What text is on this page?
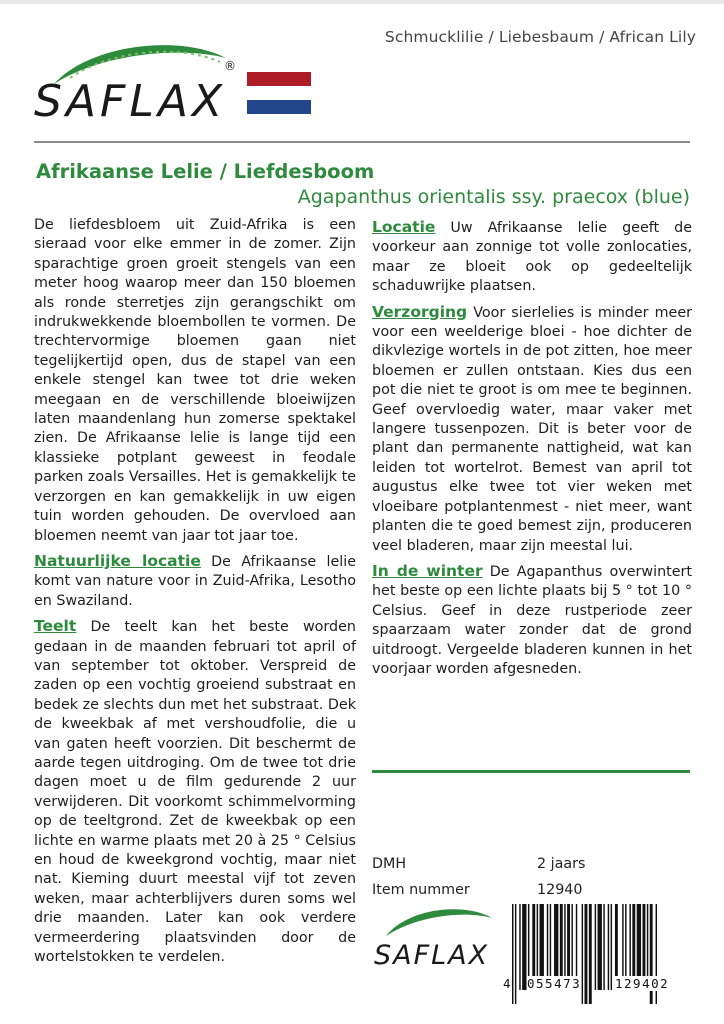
Schmucklilie / Liebesbaum / African Lily
SAFLAX
®
Afrikaanse Lelie / Liefdesboom
Agapanthus orientalis ssy. praecox (blue)

De liefdesbloem uit Zuid-Afrika is een sieraad voor elke emmer in de zomer. Zijn sparachtige groen groeit stengels van een meter hoog waarop meer dan 150 bloemen als ronde sterretjes zijn gerangschikt om indrukwekkende bloembollen te vormen. De trechtervormige bloemen gaan niet tegelijkertijd open, dus de stapel van een enkele stengel kan twee tot drie weken meegaan en de verschillende bloeiwijzen laten maandenlang hun zomerse spektakel zien. De Afrikaanse lelie is lange tijd een klassieke potplant geweest in feodale parken zoals Versailles. Het is gemakkelijk te verzorgen en kan gemakkelijk in uw eigen tuin worden gehouden. De overvloed aan bloemen neemt van jaar tot jaar toe.

Natuurlijke locatie De Afrikaanse lelie komt van nature voor in Zuid-Afrika, Lesotho en Swaziland.

Teelt De teelt kan het beste worden gedaan in de maanden februari tot april of van september tot oktober. Verspreid de zaden op een vochtig groeiend substraat en bedek ze slechts dun met het substraat. Dek de kweekbak af met vershoudfolie, die u van gaten heeft voorzien. Dit beschermt de aarde tegen uitdroging. Om de twee tot drie dagen moet u de film gedurende 2 uur verwijderen. Dit voorkomt schimmelvorming op de teeltgrond. Zet de kweekbak op een lichte en warme plaats met 20 à 25 ° Celsius en houd de kweekgrond vochtig, maar niet nat. Kieming duurt meestal vijf tot zeven weken, maar achterblijvers duren soms wel drie maanden. Later kan ook verdere vermeerdering plaatsvinden door de wortelstokken te verdelen.

Locatie Uw Afrikaanse lelie geeft de voorkeur aan zonnige tot volle zonlocaties, maar ze bloeit ook op gedeeltelijk schaduwrijke plaatsen.

Verzorging Voor sierlelies is minder meer voor een weelderige bloei - hoe dichter de dikvlezige wortels in de pot zitten, hoe meer bloemen er zullen ontstaan. Kies dus een pot die niet te groot is om mee te beginnen. Geef overvloedig water, maar vaker met langere tussenpozen. Dit is beter voor de plant dan permanente nattigheid, wat kan leiden tot wortelrot. Bemest van april tot augustus elke twee tot vier weken met vloeibare potplantenmest - niet meer, want planten die te goed bemest zijn, produceren veel bladeren, maar zijn meestal lui.

In de winter De Agapanthus overwintert het beste op een lichte plaats bij 5 ° tot 10 ° Celsius. Geef in deze rustperiode zeer spaarzaam water zonder dat de grond uitdroogt. Vergeelde bladeren kunnen in het voorjaar worden afgesneden.

DMH	2 jaars
Item nummer	12940
SAFLAX
4 055473	129402
